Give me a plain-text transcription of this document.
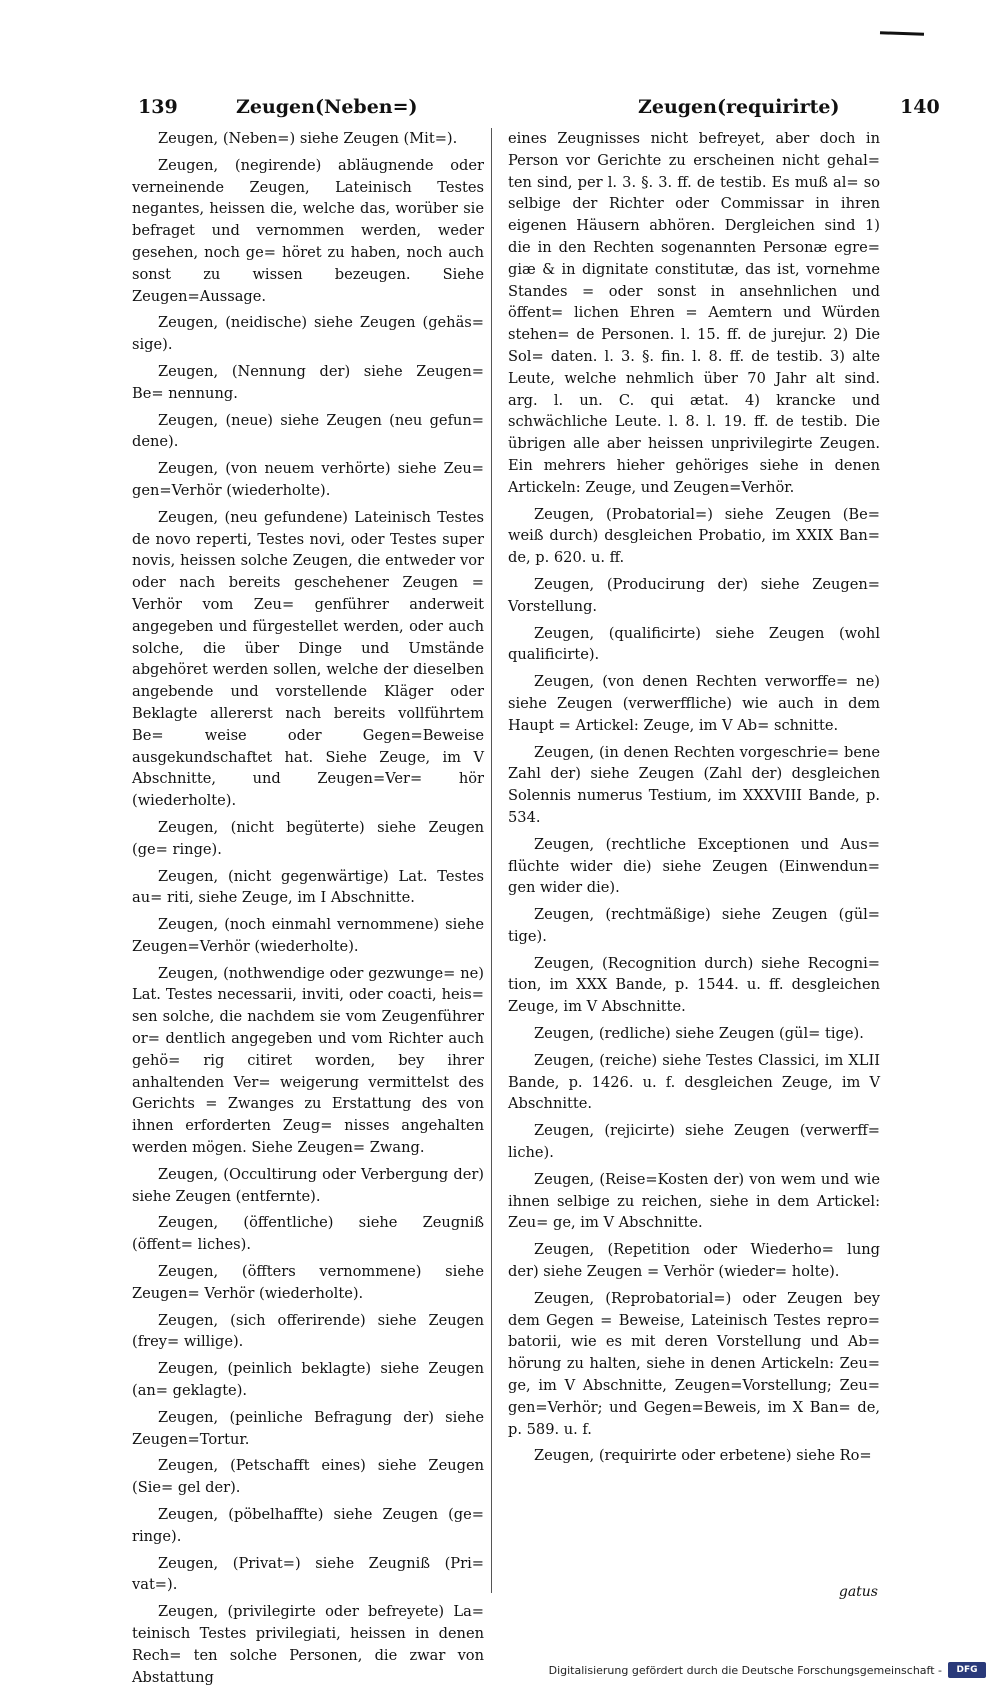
139	Zeugen(Neben=)	Zeugen(requirirte)	140

Zeugen, (Neben=) siehe Zeugen (Mit=).

Zeugen, (negirende) abläugnende oder verneinende Zeugen, Lateinisch Testes negantes, heissen die, welche das, worüber sie befraget und vernommen werden, weder gesehen, noch ge= höret zu haben, noch auch sonst zu wissen bezeugen. Siehe Zeugen=Aussage.

Zeugen, (neidische) siehe Zeugen (gehäs= sige).

Zeugen, (Nennung der) siehe Zeugen= Be= nennung.

Zeugen, (neue) siehe Zeugen (neu gefun= dene).

Zeugen, (von neuem verhörte) siehe Zeu= gen=Verhör (wiederholte).

Zeugen, (neu gefundene) Lateinisch Testes de novo reperti, Testes novi, oder Testes super novis, heissen solche Zeugen, die entweder vor oder nach bereits geschehener Zeugen = Verhör vom Zeu= genführer anderweit angegeben und fürgestellet werden, oder auch solche, die über Dinge und Umstände abgehöret werden sollen, welche der dieselben angebende und vorstellende Kläger oder Beklagte allererst nach bereits vollführtem Be= weise oder Gegen=Beweise ausgekundschaftet hat. Siehe Zeuge, im V Abschnitte, und Zeugen=Ver= hör (wiederholte).

Zeugen, (nicht begüterte) siehe Zeugen (ge= ringe).

Zeugen, (nicht gegenwärtige) Lat. Testes au= riti, siehe Zeuge, im I Abschnitte.

Zeugen, (noch einmahl vernommene) siehe Zeugen=Verhör (wiederholte).

Zeugen, (nothwendige oder gezwunge= ne) Lat. Testes necessarii, inviti, oder coacti, heis= sen solche, die nachdem sie vom Zeugenführer or= dentlich angegeben und vom Richter auch gehö= rig citiret worden, bey ihrer anhaltenden Ver= weigerung vermittelst des Gerichts = Zwanges zu Erstattung des von ihnen erforderten Zeug= nisses angehalten werden mögen. Siehe Zeugen= Zwang.

Zeugen, (Occultirung oder Verbergung der) siehe Zeugen (entfernte).

Zeugen, (öffentliche) siehe Zeugniß (öffent= liches).

Zeugen, (öffters vernommene) siehe Zeugen= Verhör (wiederholte).

Zeugen, (sich offerirende) siehe Zeugen (frey= willige).

Zeugen, (peinlich beklagte) siehe Zeugen (an= geklagte).

Zeugen, (peinliche Befragung der) siehe Zeugen=Tortur.

Zeugen, (Petschafft eines) siehe Zeugen (Sie= gel der).

Zeugen, (pöbelhaffte) siehe Zeugen (ge= ringe).

Zeugen, (Privat=) siehe Zeugniß (Pri= vat=).

Zeugen, (privilegirte oder befreyete) La= teinisch Testes privilegiati, heissen in denen Rech= ten solche Personen, die zwar von Abstattung

eines Zeugnisses nicht befreyet, aber doch in Person vor Gerichte zu erscheinen nicht gehal= ten sind, per l. 3. §. 3. ff. de testib. Es muß al= so selbige der Richter oder Commissar in ihren eigenen Häusern abhören. Dergleichen sind 1) die in den Rechten sogenannten Personæ egre= giæ & in dignitate constitutæ, das ist, vornehme Standes = oder sonst in ansehnlichen und öffent= lichen Ehren = Aemtern und Würden stehen= de Personen. l. 15. ff. de jurejur. 2) Die Sol= daten. l. 3. §. fin. l. 8. ff. de testib. 3) alte Leute, welche nehmlich über 70 Jahr alt sind. arg. l. un. C. qui ætat. 4) krancke und schwächliche Leute. l. 8. l. 19. ff. de testib. Die übrigen alle aber heissen unprivilegirte Zeugen. Ein mehrers hieher gehöriges siehe in denen Artickeln: Zeuge, und Zeugen=Verhör.

Zeugen, (Probatorial=) siehe Zeugen (Be= weiß durch) desgleichen Probatio, im XXIX Ban= de, p. 620. u. ff.

Zeugen, (Producirung der) siehe Zeugen= Vorstellung.

Zeugen, (qualificirte) siehe Zeugen (wohl qualificirte).

Zeugen, (von denen Rechten verworffe= ne) siehe Zeugen (verwerffliche) wie auch in dem Haupt = Artickel: Zeuge, im V Ab= schnitte.

Zeugen, (in denen Rechten vorgeschrie= bene Zahl der) siehe Zeugen (Zahl der) desgleichen Solennis numerus Testium, im XXXVIII Bande, p. 534.

Zeugen, (rechtliche Exceptionen und Aus= flüchte wider die) siehe Zeugen (Einwendun= gen wider die).

Zeugen, (rechtmäßige) siehe Zeugen (gül= tige).

Zeugen, (Recognition durch) siehe Recogni= tion, im XXX Bande, p. 1544. u. ff. desgleichen Zeuge, im V Abschnitte.

Zeugen, (redliche) siehe Zeugen (gül= tige).

Zeugen, (reiche) siehe Testes Classici, im XLII Bande, p. 1426. u. f. desgleichen Zeuge, im V Abschnitte.

Zeugen, (rejicirte) siehe Zeugen (verwerff= liche).

Zeugen, (Reise=Kosten der) von wem und wie ihnen selbige zu reichen, siehe in dem Artickel: Zeu= ge, im V Abschnitte.

Zeugen, (Repetition oder Wiederho= lung der) siehe Zeugen = Verhör (wieder= holte).

Zeugen, (Reprobatorial=) oder Zeugen bey dem Gegen = Beweise, Lateinisch Testes repro= batorii, wie es mit deren Vorstellung und Ab= hörung zu halten, siehe in denen Artickeln: Zeu= ge, im V Abschnitte, Zeugen=Vorstellung; Zeu= gen=Verhör; und Gegen=Beweis, im X Ban= de, p. 589. u. f.

Zeugen, (requirirte oder erbetene) siehe Ro=

gatus
Digitalisierung gefördert durch die Deutsche Forschungsgemeinschaft -	DFG
